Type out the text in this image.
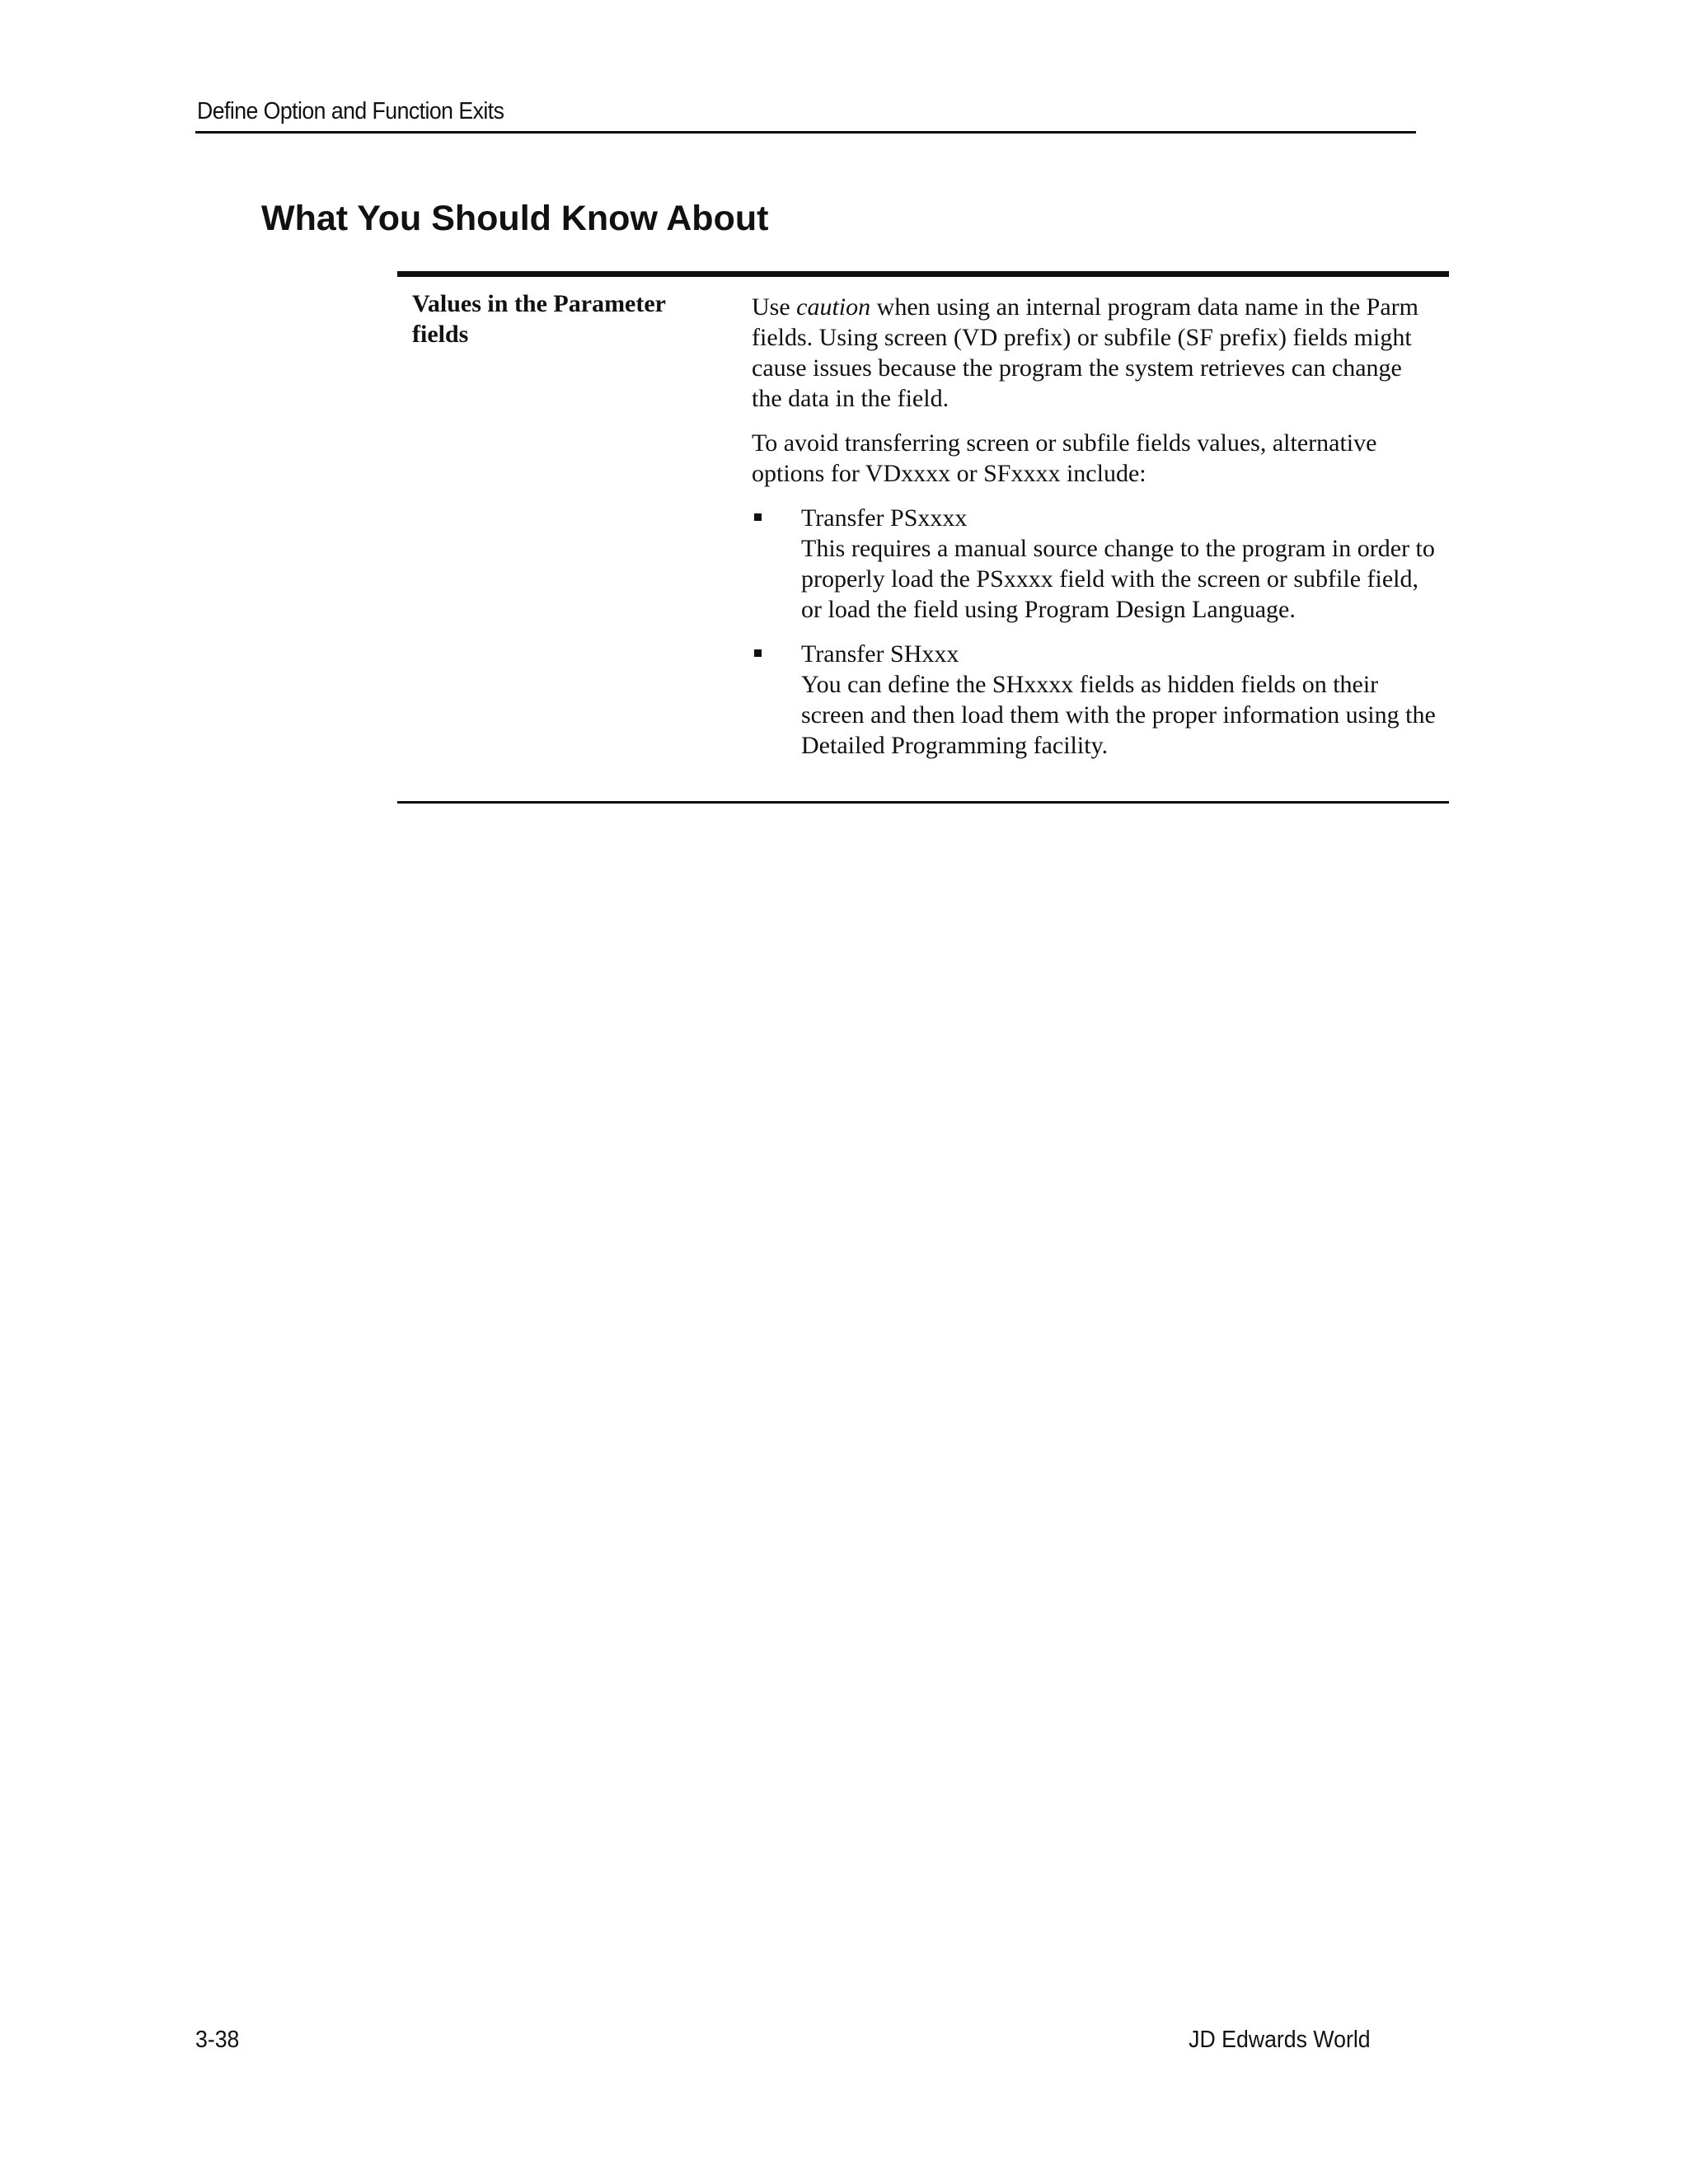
Define Option and Function Exits
What You Should Know About
Values in the Parameter fields

Use caution when using an internal program data name in the Parm fields. Using screen (VD prefix) or subfile (SF prefix) fields might cause issues because the program the system retrieves can change the data in the field.

To avoid transferring screen or subfile fields values, alternative options for VDxxxx or SFxxxx include:

Transfer PSxxxx
This requires a manual source change to the program in order to properly load the PSxxxx field with the screen or subfile field, or load the field using Program Design Language.
Transfer SHxxx
You can define the SHxxxx fields as hidden fields on their screen and then load them with the proper information using the Detailed Programming facility.
3-38	JD Edwards World
